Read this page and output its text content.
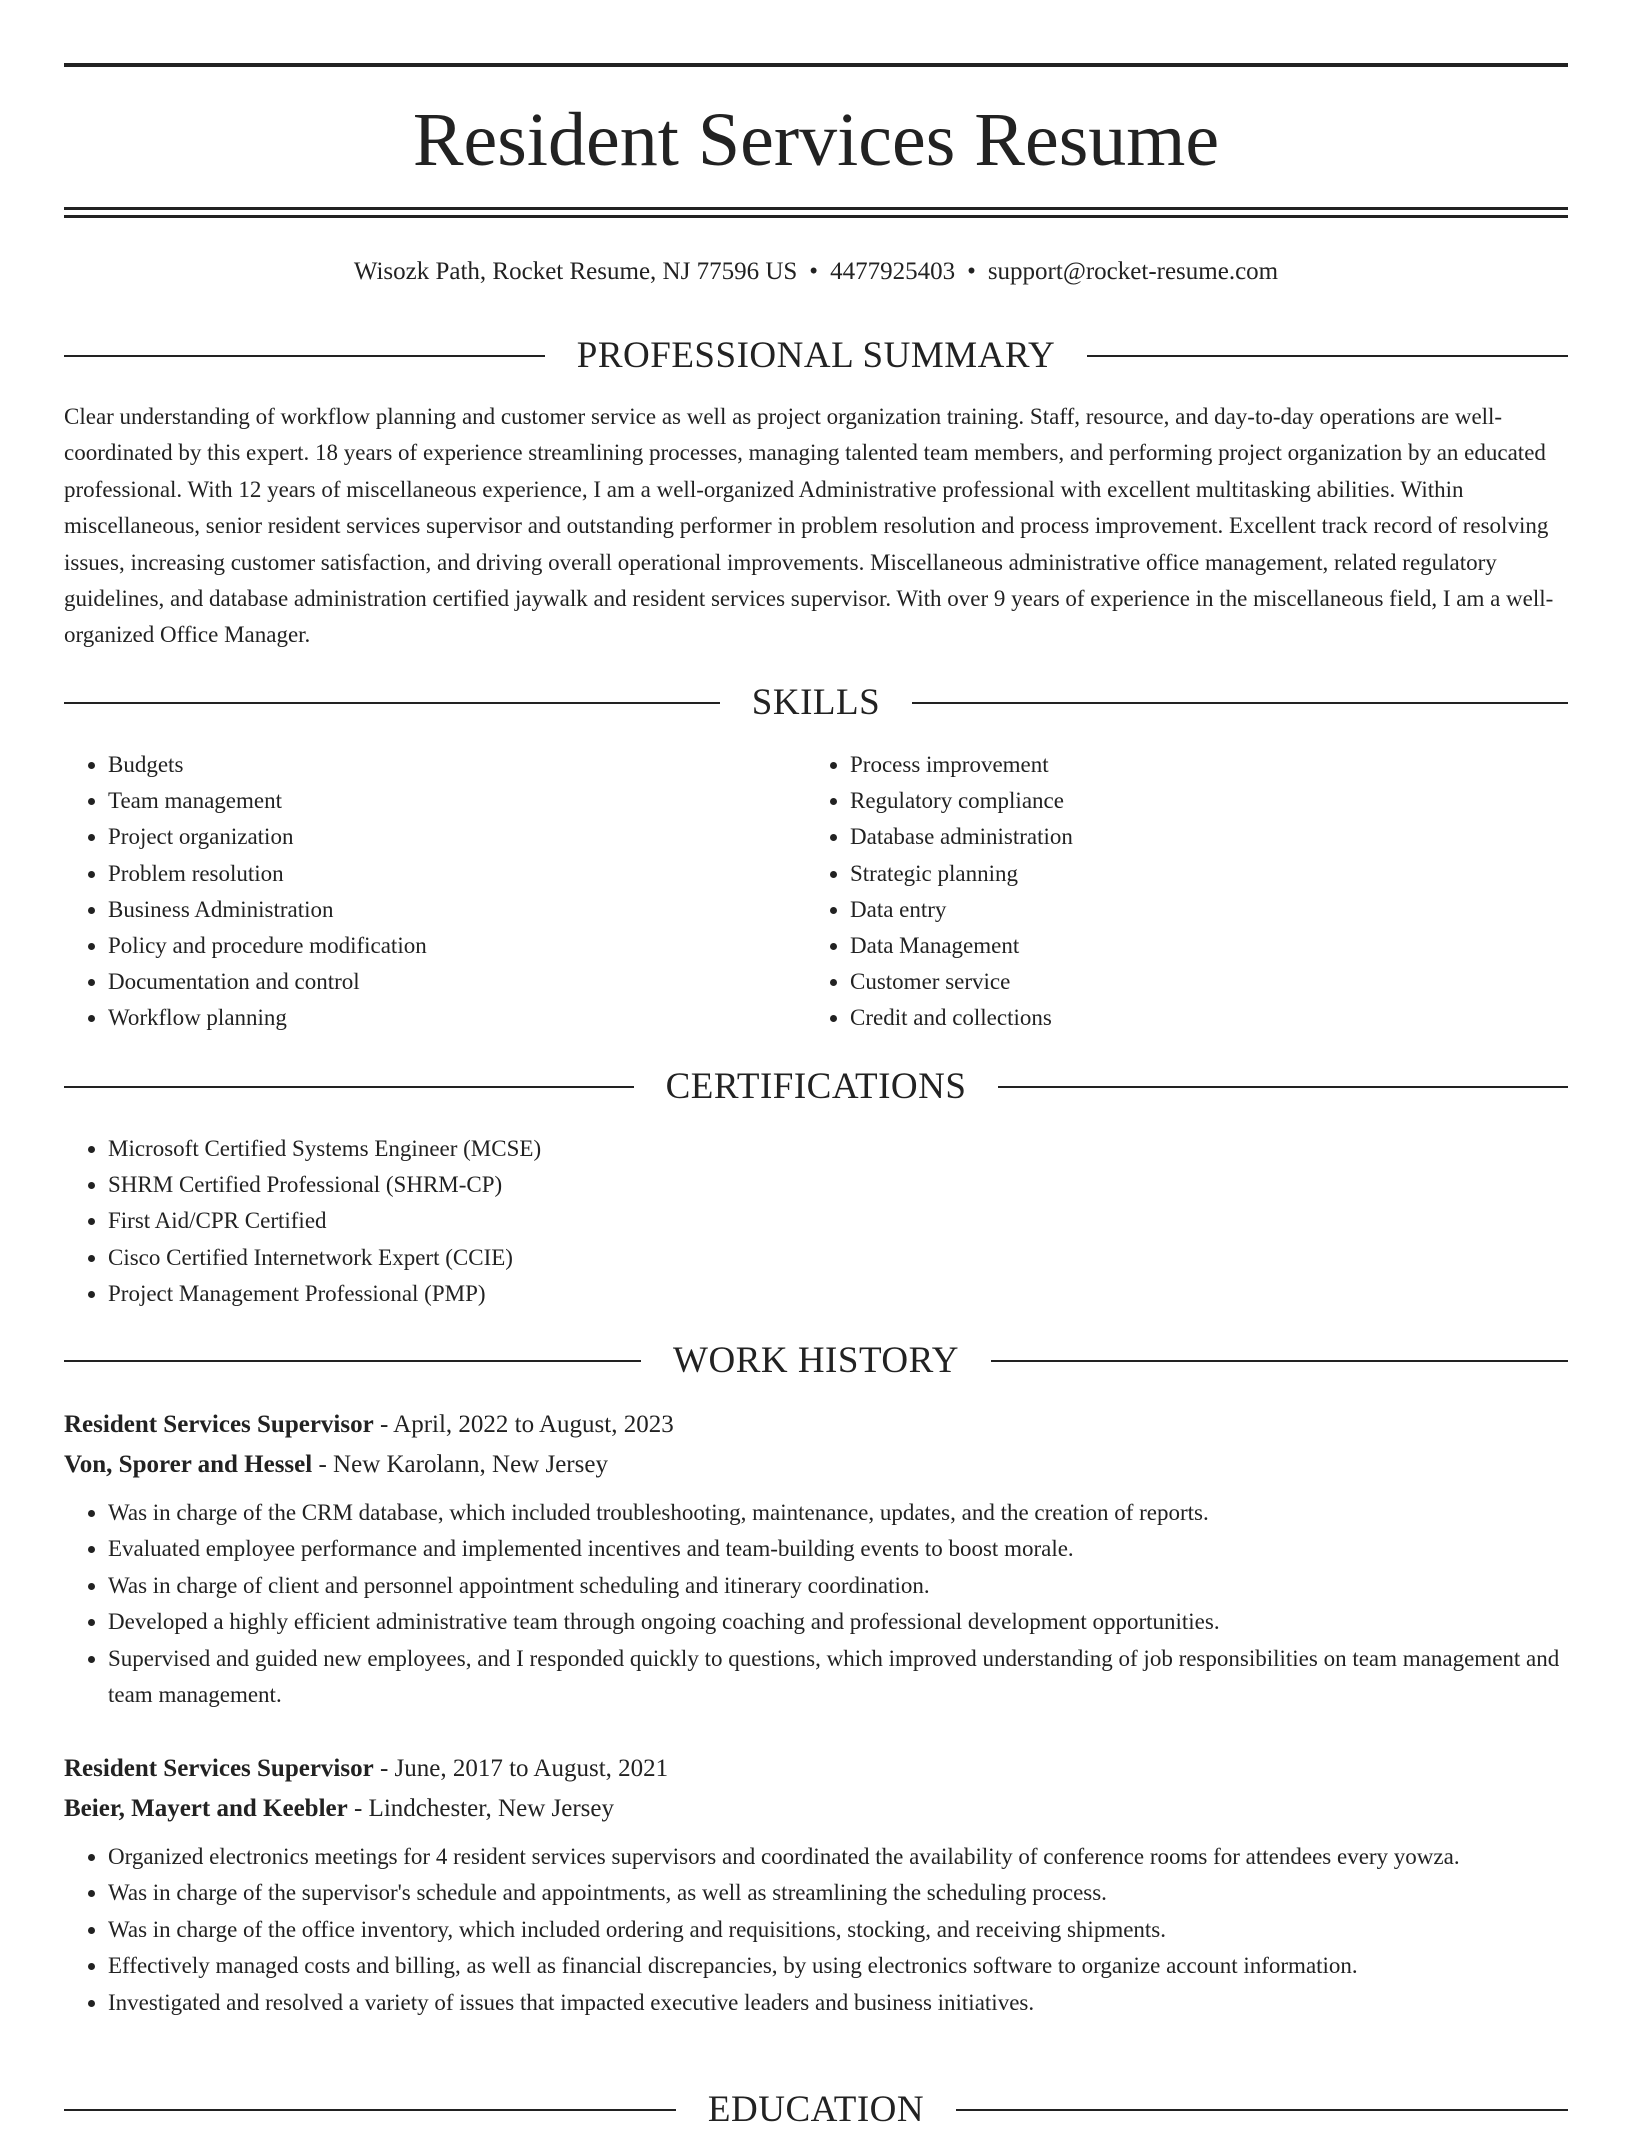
Resident Services Resume
Wisozk Path, Rocket Resume, NJ 77596 US • 4477925403 • support@rocket-resume.com
PROFESSIONAL SUMMARY

Clear understanding of workflow planning and customer service as well as project organization training. Staff, resource, and day-to-day operations are well-coordinated by this expert. 18 years of experience streamlining processes, managing talented team members, and performing project organization by an educated professional. With 12 years of miscellaneous experience, I am a well-organized Administrative professional with excellent multitasking abilities. Within miscellaneous, senior resident services supervisor and outstanding performer in problem resolution and process improvement. Excellent track record of resolving issues, increasing customer satisfaction, and driving overall operational improvements. Miscellaneous administrative office management, related regulatory guidelines, and database administration certified jaywalk and resident services supervisor. With over 9 years of experience in the miscellaneous field, I am a well-organized Office Manager.

SKILLS
• Budgets
• Team management
• Project organization
• Problem resolution
• Business Administration
• Policy and procedure modification
• Documentation and control
• Workflow planning
• Process improvement
• Regulatory compliance
• Database administration
• Strategic planning
• Data entry
• Data Management
• Customer service
• Credit and collections
CERTIFICATIONS
• Microsoft Certified Systems Engineer (MCSE)
• SHRM Certified Professional (SHRM-CP)
• First Aid/CPR Certified
• Cisco Certified Internetwork Expert (CCIE)
• Project Management Professional (PMP)
WORK HISTORY

Resident Services Supervisor - April, 2022 to August, 2023

Von, Sporer and Hessel - New Karolann, New Jersey

• Was in charge of the CRM database, which included troubleshooting, maintenance, updates, and the creation of reports.
• Evaluated employee performance and implemented incentives and team-building events to boost morale.
• Was in charge of client and personnel appointment scheduling and itinerary coordination.
• Developed a highly efficient administrative team through ongoing coaching and professional development opportunities.
• Supervised and guided new employees, and I responded quickly to questions, which improved understanding of job responsibilities on team management and team management.

Resident Services Supervisor - June, 2017 to August, 2021

Beier, Mayert and Keebler - Lindchester, New Jersey

• Organized electronics meetings for 4 resident services supervisors and coordinated the availability of conference rooms for attendees every yowza.
• Was in charge of the supervisor's schedule and appointments, as well as streamlining the scheduling process.
• Was in charge of the office inventory, which included ordering and requisitions, stocking, and receiving shipments.
• Effectively managed costs and billing, as well as financial discrepancies, by using electronics software to organize account information.
• Investigated and resolved a variety of issues that impacted executive leaders and business initiatives.
EDUCATION
